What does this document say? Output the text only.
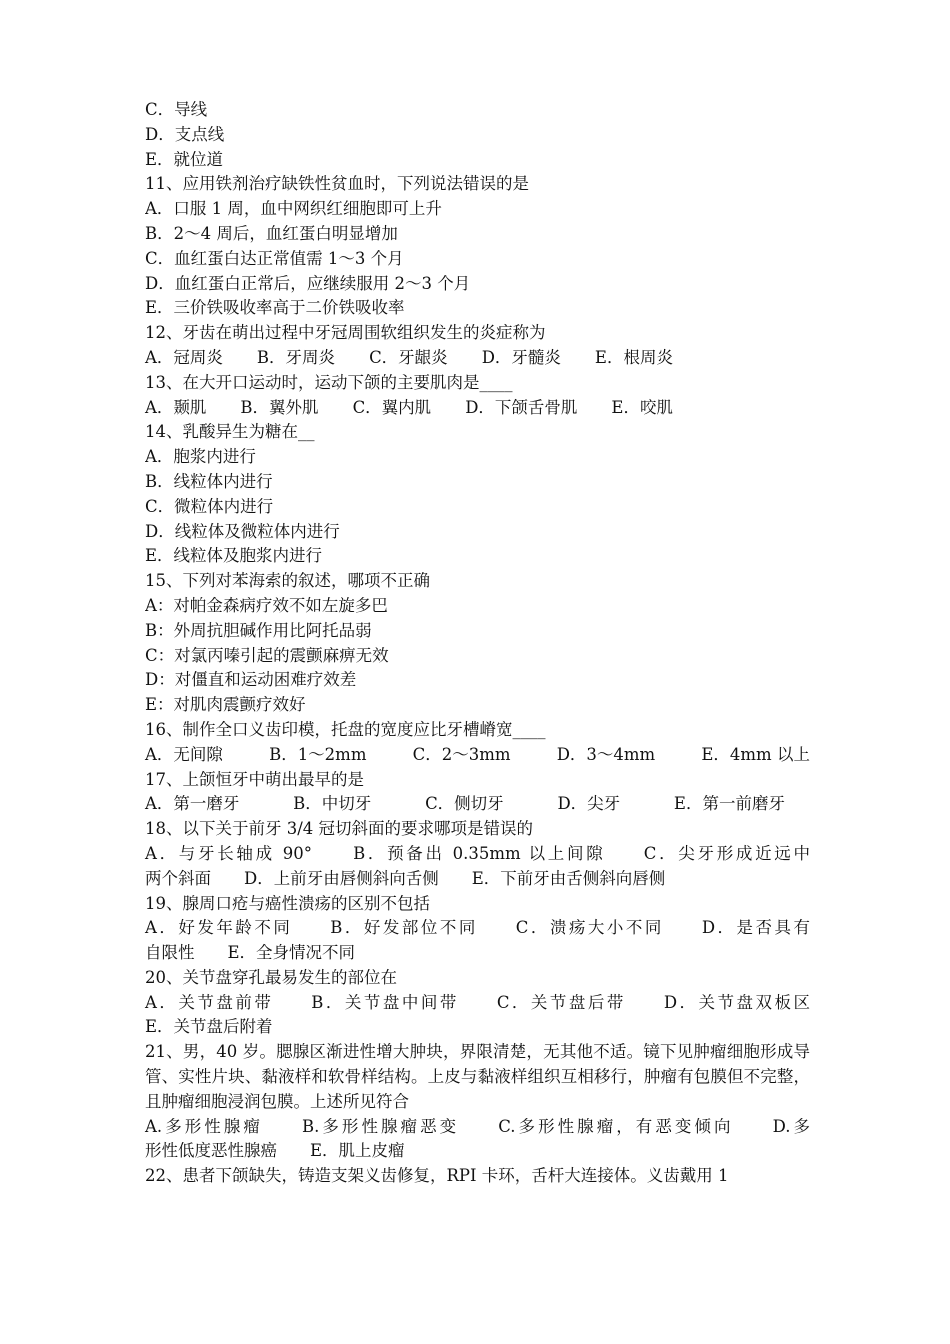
C．导线
D．支点线
E．就位道
11、应用铁剂治疗缺铁性贫血时，下列说法错误的是
A．口服 1 周，血中网织红细胞即可上升
B．2～4 周后，血红蛋白明显增加
C．血红蛋白达正常值需 1～3 个月
D．血红蛋白正常后，应继续服用 2～3 个月
E．三价铁吸收率高于二价铁吸收率
12、牙齿在萌出过程中牙冠周围软组织发生的炎症称为
A．冠周炎 B．牙周炎 C．牙龈炎 D．牙髓炎 E．根周炎
13、在大开口运动时，运动下颌的主要肌肉是____
A．颞肌 B．翼外肌 C．翼内肌 D．下颌舌骨肌 E．咬肌
14、乳酸异生为糖在__
A．胞浆内进行
B．线粒体内进行
C．微粒体内进行
D．线粒体及微粒体内进行
E．线粒体及胞浆内进行
15、下列对苯海索的叙述，哪项不正确
A：对帕金森病疗效不如左旋多巴
B：外周抗胆碱作用比阿托品弱
C：对氯丙嗪引起的震颤麻痹无效
D：对僵直和运动困难疗效差
E：对肌肉震颤疗效好
16、制作全口义齿印模，托盘的宽度应比牙槽嵴宽____
A．无间隙	B．1～2mm	C．2～3mm	D．3～4mm	E．4mm 以上
17、上颌恒牙中萌出最早的是
A．第一磨牙	B．中切牙	C．侧切牙	D．尖牙	E．第一前磨牙
18、以下关于前牙 3/4 冠切斜面的要求哪项是错误的
A．与牙长轴成 90°　　B．预备出 0.35mm 以上间隙　　C．尖牙形成近远中
两个斜面　　D．上前牙由唇侧斜向舌侧　　E．下前牙由舌侧斜向唇侧
19、腺周口疮与癌性溃疡的区别不包括
A．好发年龄不同　　B．好发部位不同　　C．溃疡大小不同　　D．是否具有
自限性　　E．全身情况不同
20、关节盘穿孔最易发生的部位在
A．关节盘前带　　B．关节盘中间带　　C．关节盘后带　　D．关节盘双板区
E．关节盘后附着
21、男，40 岁。腮腺区渐进性增大肿块，界限清楚，无其他不适。镜下见肿瘤细胞形成导管、实性片块、黏液样和软骨样结构。上皮与黏液样组织互相移行，肿瘤有包膜但不完整，且肿瘤细胞浸润包膜。上述所见符合
A.多形性腺瘤　　B.多形性腺瘤恶变　　C.多形性腺瘤，有恶变倾向　　D.多
形性低度恶性腺癌　　E．肌上皮瘤
22、患者下颌缺失，铸造支架义齿修复，RPI 卡环，舌杆大连接体。义齿戴用 1
